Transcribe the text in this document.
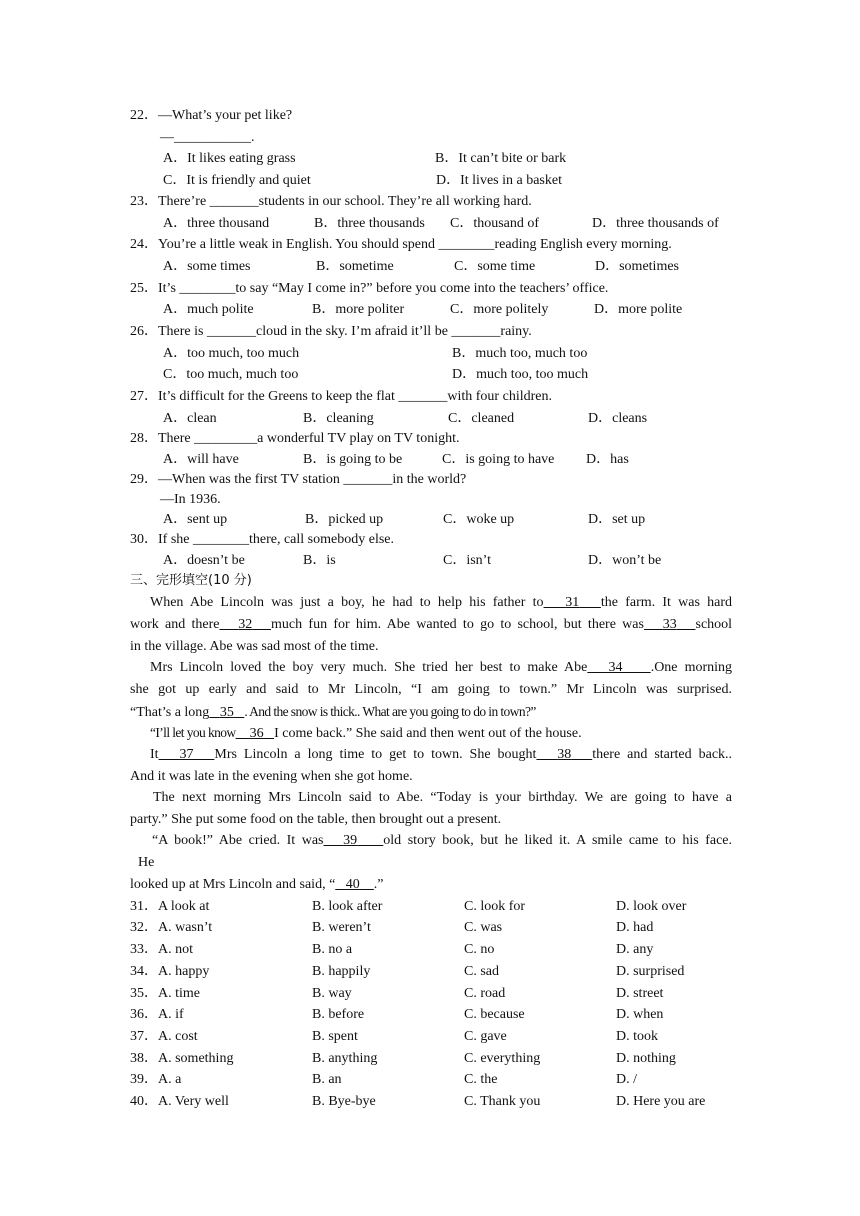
22．—What’s your pet like?
—___________.
A．It likes eating grass	B．It can’t bite or bark
C．It is friendly and quiet	D．It lives in a basket
23．There’re _______students in our school. They’re all working hard.
A．three thousand	B．three thousands C．thousand of	D．three thousands of
24．You’re a little weak in English. You should spend ________reading English every morning.
A．some times	B．sometime	C．some time	D．sometimes
25．It’s ________to say “May I come in?” before you come into the teachers’ office.
A．much polite	B．more politer	C．more politely	D．more polite
26．There is _______cloud in the sky. I’m afraid it’ll be _______rainy.
A．too much, too much	B．much too, much too
C．too much, much too	D．much too, too much
27．It’s difficult for the Greens to keep the flat _______with four children.
A．clean	B．cleaning	C．cleaned	D．cleans
28．There _________a wonderful TV play on TV tonight.
A．will have	B．is going to be	C．is going to have D．has
29．—When was the first TV station _______in the world?
—In 1936.
A．sent up	B．picked up	C．woke up	D．set up
30．If she ________there, call somebody else.
A．doesn’t be	B．is	C．isn’t	D．won’t be
三、完形填空(10 分)
When Abe Lincoln was just a boy, he had to help his father to 31 the farm. It was hard
work and there 32 much fun for him. Abe wanted to go to school, but there was 33 school
in the village. Abe was sad most of the time.
Mrs Lincoln loved the boy very much. She tried her best to make Abe 34 .One morning
she got up early and said to Mr Lincoln, “I am going to town.” Mr Lincoln was surprised.
“That’s a long 35 . And the snow is thick.. What are you going to do in town?”
“I’ll let you know 36 I come back.” She said and then went out of the house.
It 37 Mrs Lincoln a long time to get to town. She bought 38 there and started back..
And it was late in the evening when she got home.
The next morning Mrs Lincoln said to Abe. “Today is your birthday. We are going to have a
party.” She put some food on the table, then brought out a present.
“A book!” Abe cried. It was 39 old story book, but he liked it. A smile came to his face.
He
looked up at Mrs Lincoln and said, “ 40 .”
31．A look at	B. look after	C. look for	D. look over
32．A. wasn’t	B. weren’t	C. was	D. had
33．A. not	B. no a	C. no	D. any
34．A. happy	B. happily	C. sad	D. surprised
35．A. time	B. way	C. road	D. street
36．A. if	B. before	C. because	D. when
37．A. cost	B. spent	C. gave	D. took
38．A. something	B. anything	C. everything	D. nothing
39．A. a	B. an	C. the	D. /
40．A. Very well	B. Bye-bye	C. Thank you	D. Here you are
